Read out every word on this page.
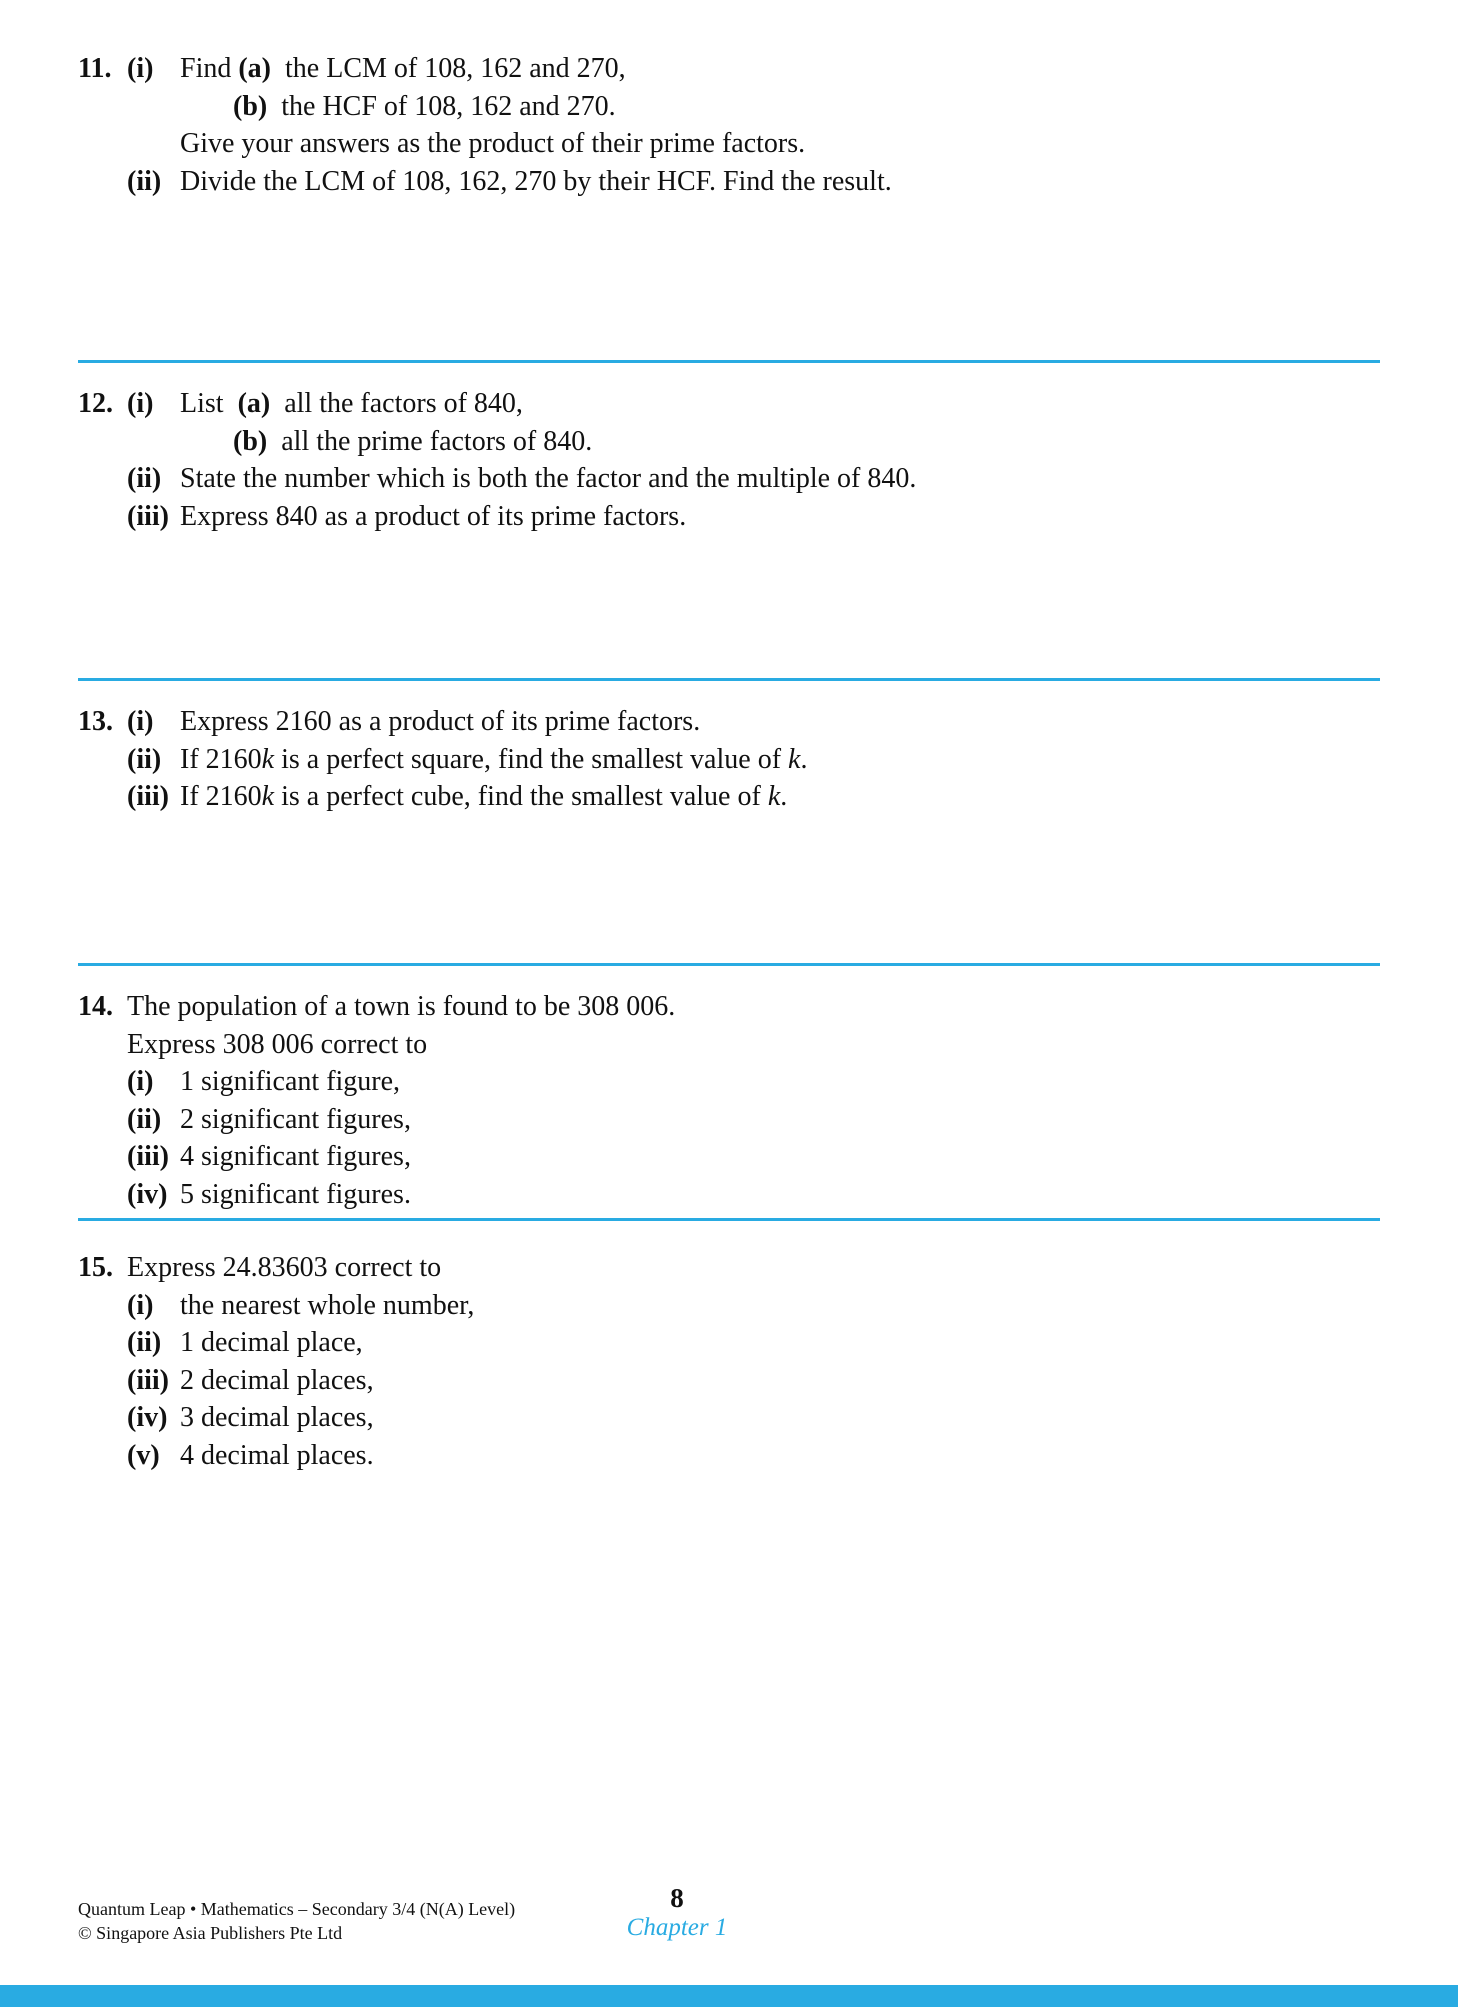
11. (i) Find (a)  the LCM of 108, 162 and 270,
(b)  the HCF of 108, 162 and 270.
Give your answers as the product of their prime factors.
(ii) Divide the LCM of 108, 162, 270 by their HCF. Find the result.
12. (i) List  (a)  all the factors of 840,
(b)  all the prime factors of 840.
(ii) State the number which is both the factor and the multiple of 840.
(iii) Express 840 as a product of its prime factors.
13. (i) Express 2160 as a product of its prime factors.
(ii) If 2160k is a perfect square, find the smallest value of k.
(iii) If 2160k is a perfect cube, find the smallest value of k.
14. The population of a town is found to be 308 006.
Express 308 006 correct to
(i) 1 significant figure,
(ii) 2 significant figures,
(iii) 4 significant figures,
(iv) 5 significant figures.
15. Express 24.83603 correct to
(i) the nearest whole number,
(ii) 1 decimal place,
(iii) 2 decimal places,
(iv) 3 decimal places,
(v) 4 decimal places.
Quantum Leap • Mathematics – Secondary 3/4 (N(A) Level)
© Singapore Asia Publishers Pte Ltd
8
Chapter 1
